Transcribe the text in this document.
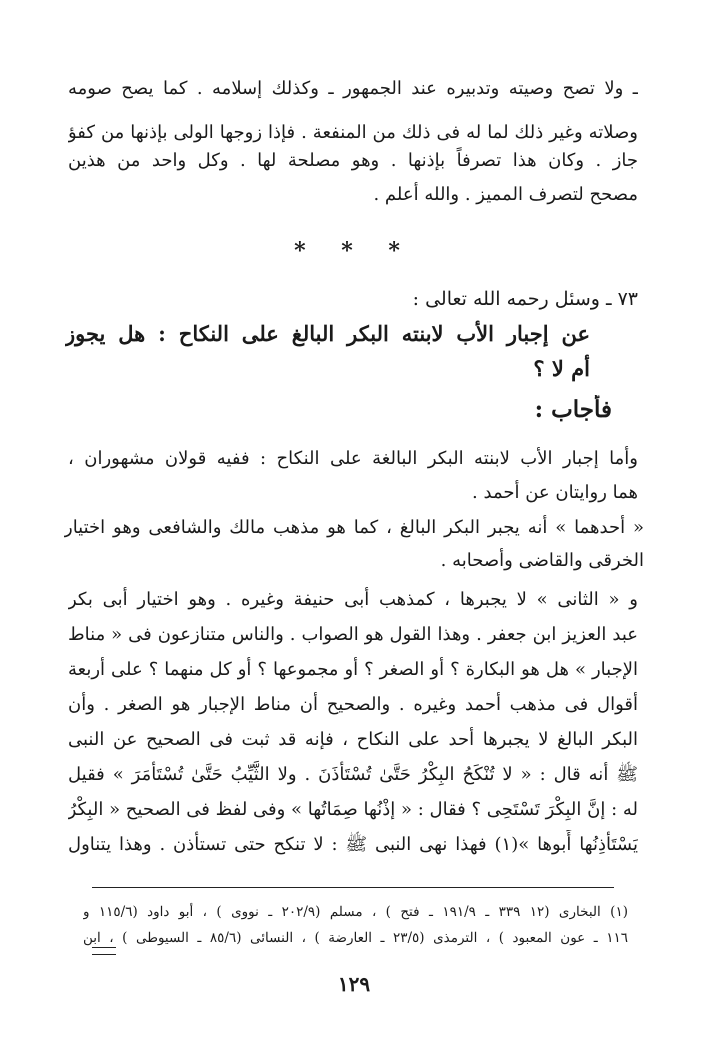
ـ ولا تصح وصيته وتدبيره عند الجمهور ـ وكذلك إسلامه . كما يصح صومه
وصلاته وغير ذلك لما له فى ذلك من المنفعة . فإذا زوجها الولى بإذنها من كفؤ
جاز . وكان هذا تصرفاً بإذنها . وهو مصلحة لها . وكل واحد من هذين
مصحح لتصرف المميز . والله أعلم .
* * *
٧٣ ـ وسئل رحمه الله تعالى :
عن إجبار الأب لابنته البكر البالغ على النكاح : هل يجوز
أم لا ؟
فأجاب :
وأما إجبار الأب لابنته البكر البالغة على النكاح : ففيه قولان مشهوران ،
هما روايتان عن أحمد .
« أحدهما » أنه يجبر البكر البالغ ، كما هو مذهب مالك والشافعى وهو اختيار
الخرقى والقاضى وأصحابه .
و « الثانى » لا يجبرها ، كمذهب أبى حنيفة وغيره . وهو اختيار أبى بكر
عبد العزيز ابن جعفر . وهذا القول هو الصواب . والناس متنازعون فى « مناط
الإجبار » هل هو البكارة ؟ أو الصغر ؟ أو مجموعها ؟ أو كل منهما ؟ على أربعة
أقوال فى مذهب أحمد وغيره . والصحيح أن مناط الإجبار هو الصغر . وأن
البكر البالغ لا يجبرها أحد على النكاح ، فإنه قد ثبت فى الصحيح عن النبى
ﷺ أنه قال : « لا تُنْكَحُ البِكْرُ حَتَّىٰ تُسْتَأْذَنَ . ولا الثَّيِّبُ حَتَّىٰ تُسْتَأْمَرَ » فقيل
له : إنَّ البِكْرَ تَسْتَحِى ؟ فقال : « إذْنُها صِمَاتُها » وفى لفظ فى الصحيح « البِكْرُ
يَسْتَأْذِنُها أَبوها »(١) فهذا نهى النبى ﷺ : لا تنكح حتى تستأذن . وهذا يتناول
(١) البخارى (١٢ ٣٣٩ ـ ١٩١/٩ ـ فتح ) ، مسلم (٢٠٢/٩ ـ نووى ) ، أبو داود (١١٥/٦ و
١١٦ ـ عون المعبود ) ، الترمذى (٢٣/٥ ـ العارضة ) ، النسائى (٨٥/٦ ـ السيوطى ) ، ابن
١٢٩
